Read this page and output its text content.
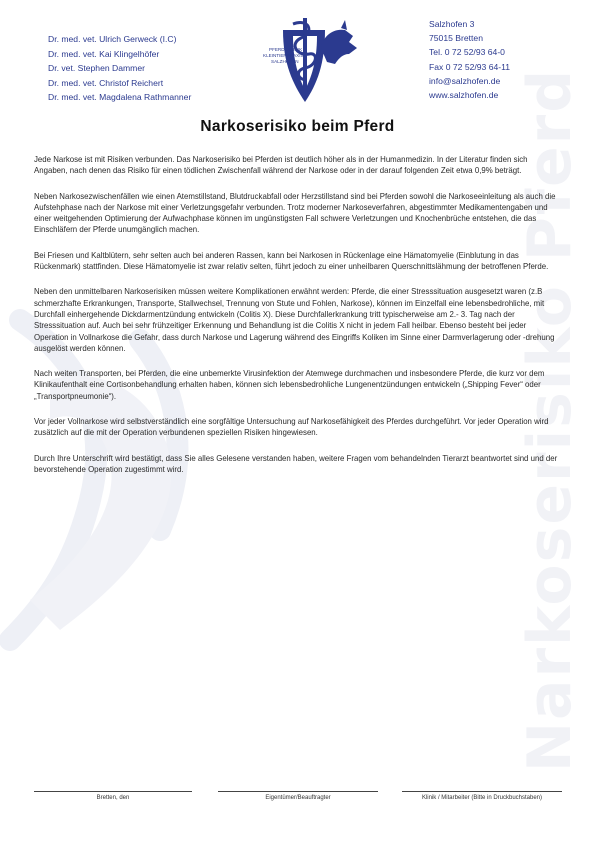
Narkoserisiko Pferd
Dr. med. vet. Ulrich Gerweck (I.C)
Dr. med. vet. Kai Klingelhöfer
Dr. vet. Stephen Dammer
Dr. med. vet. Christof Reichert
Dr. med. vet. Magdalena Rathmanner
PFERDEKLINIK
KLEINTIERPRAXIS
SALZHOFEN
Salzhofen 3
75015 Bretten
Tel. 0 72 52/93 64-0
Fax 0 72 52/93 64-11
info@salzhofen.de
www.salzhofen.de
Narkoserisiko beim Pferd

Jede Narkose ist mit Risiken verbunden. Das Narkoserisiko bei Pferden ist deutlich höher als in der Humanmedizin. In der Literatur finden sich Angaben, nach denen das Risiko für einen tödlichen Zwischenfall während der Narkose oder in der darauf folgenden Zeit etwa 0,9% beträgt.

Neben Narkosezwischenfällen wie einen Atemstillstand, Blutdruckabfall oder Herzstillstand sind bei Pferden sowohl die Narkoseeinleitung als auch die Aufstehphase nach der Narkose mit einer Verletzungsgefahr verbunden. Trotz moderner Narkoseverfahren, abgestimmter Medikamentengaben und einer weitgehenden Optimierung der Aufwachphase können im ungünstigsten Fall schwere Verletzungen und Knochenbrüche entstehen, die das Einschläfern der Pferde unumgänglich machen.

Bei Friesen und Kaltblütern, sehr selten auch bei anderen Rassen, kann bei Narkosen in Rückenlage eine Hämatomyelie (Einblutung in das Rückenmark) stattfinden. Diese Hämatomyelie ist zwar relativ selten, führt jedoch zu einer unheilbaren Querschnittslähmung der betroffenen Pferde.

Neben den unmittelbaren Narkoserisiken müssen weitere Komplikationen erwähnt werden: Pferde, die einer Stresssituation ausgesetzt waren (z.B schmerzhafte Erkrankungen, Transporte, Stallwechsel, Trennung von Stute und Fohlen, Narkose), können im Einzelfall eine lebensbedrohliche, mit Durchfall einhergehende Dickdarmentzündung entwickeln (Colitis X). Diese Durchfallerkrankung tritt typischerweise am 2.- 3. Tag nach der Stresssituation auf. Auch bei sehr frühzeitiger Erkennung und Behandlung ist die Colitis X nicht in jedem Fall heilbar. Ebenso besteht bei jeder Operation in Vollnarkose die Gefahr, dass durch Narkose und Lagerung während des Eingriffs Koliken im Sinne einer Darmverlagerung oder -drehung ausgelöst werden können.

Nach weiten Transporten, bei Pferden, die eine unbemerkte Virusinfektion der Atemwege durchmachen und insbesondere Pferde, die kurz vor dem Klinikaufenthalt eine Cortisonbehandlung erhalten haben, können sich lebensbedrohliche Lungenentzündungen entwickeln („Shipping Fever“ oder „Transportpneumonie“).

Vor jeder Vollnarkose wird selbstverständlich eine sorgfältige Untersuchung auf Narkosefähigkeit des Pferdes durchgeführt. Vor jeder Operation wird zusätzlich auf die mit der Operation verbundenen speziellen Risiken hingewiesen.

Durch Ihre Unterschrift wird bestätigt, dass Sie alles Gelesene verstanden haben, weitere Fragen vom behandelnden Tierarzt beantwortet sind und der bevorstehende Operation zugestimmt wird.

Bretten, den	Eigentümer/Beauftragter	Klinik / Mitarbeiter (Bitte in Druckbuchstaben)
